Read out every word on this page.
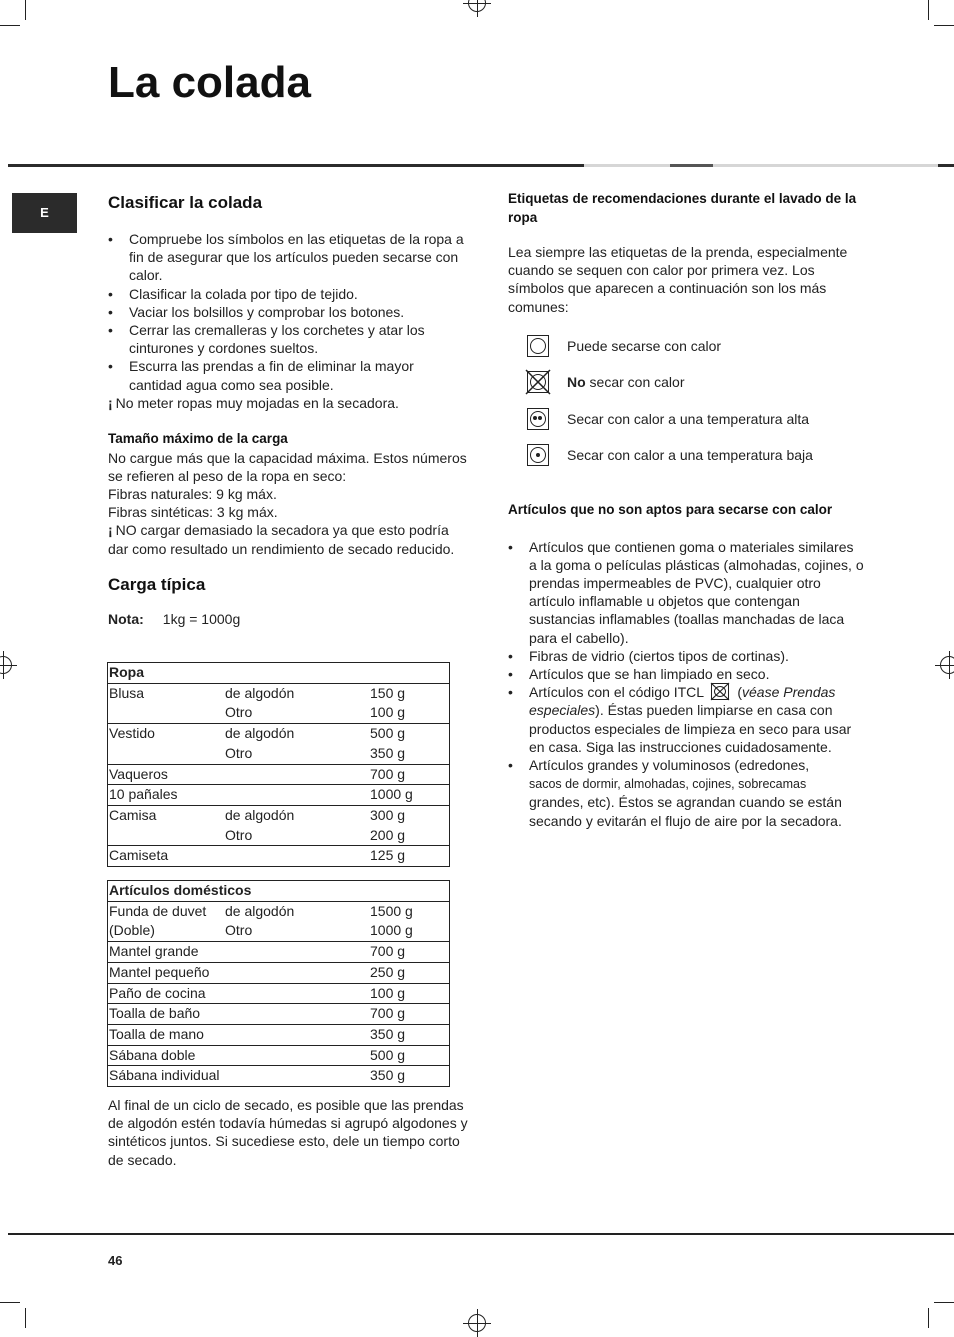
La colada
E
Clasificar la colada
• Compruebe los símbolos en las etiquetas de la ropa a fin de asegurar que los artículos pueden secarse con calor.
• Clasificar la colada por tipo de tejido.
• Vaciar los bolsillos y comprobar los botones.
• Cerrar las cremalleras y los corchetes y atar los cinturones y cordones sueltos.
• Escurra las prendas a fin de eliminar la mayor cantidad agua como sea posible.

¡ No meter ropas muy mojadas en la secadora.

Tamaño máximo de la carga

No cargue más que la capacidad máxima. Estos números se refieren al peso de la ropa en seco:

Fibras naturales: 9 kg máx.

Fibras sintéticas: 3 kg máx.

¡ NO cargar demasiado la secadora ya que esto podría dar como resultado un rendimiento de secado reducido.

Carga típica

Nota: 1kg = 1000g

Ropa		
Blusa	de algodón	150 g
	Otro	100 g
Vestido	de algodón	500 g
	Otro	350 g
Vaqueros		700 g
10 pañales		1000 g
Camisa	de algodón	300 g
	Otro	200 g
Camiseta		125 g
Artículos domésticos		
Funda de duvet	de algodón	1500 g
(Doble)	Otro	1000 g
Mantel grande		700 g
Mantel pequeño		250 g
Paño de cocina		100 g
Toalla de baño		700 g
Toalla de mano		350 g
Sábana doble		500 g
Sábana individual		350 g

Al final de un ciclo de secado, es posible que las prendas de algodón estén todavía húmedas si agrupó algodones y sintéticos juntos. Si sucediese esto, dele un tiempo corto de secado.

Etiquetas de recomendaciones durante el lavado de la ropa

Lea siempre las etiquetas de la prenda, especialmente cuando se sequen con calor por primera vez. Los símbolos que aparecen a continuación son los más comunes:

Puede secarse con calor
No secar con calor
Secar con calor a una temperatura alta
Secar con calor a una temperatura baja
Artículos que no son aptos para secarse con calor
• Artículos que contienen goma o materiales similares a la goma o películas plásticas (almohadas, cojines, o prendas impermeables de PVC), cualquier otro artículo inflamable u objetos que contengan sustancias inflamables (toallas manchadas de laca para el cabello).
• Fibras de vidrio (ciertos tipos de cortinas).
• Artículos que se han limpiado en seco.
• Artículos con el código ITCL (véase Prendas especiales). Éstas pueden limpiarse en casa con productos especiales de limpieza en seco para usar en casa. Siga las instrucciones cuidadosamente.
• Artículos grandes y voluminosos (edredones,
sacos de dormir, almohadas, cojines, sobrecamas
grandes, etc). Éstos se agrandan cuando se están secando y evitarán el flujo de aire por la secadora.
46
